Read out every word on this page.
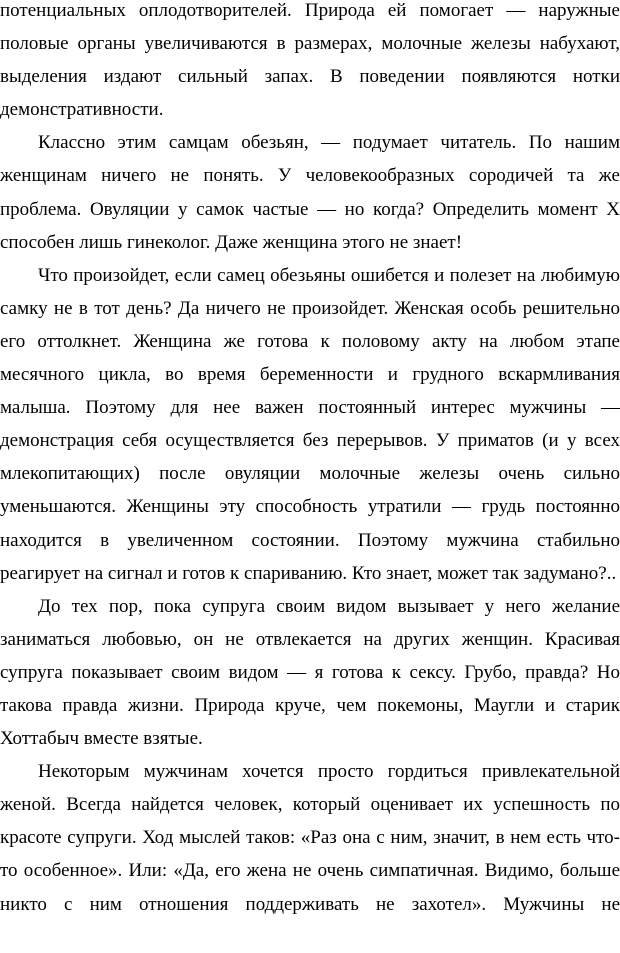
потенциальных оплодотворителей. Природа ей помогает — наружные половые органы увеличиваются в размерах, молочные железы набухают, выделения издают сильный запах. В поведении появляются нотки демонстративности.

Классно этим самцам обезьян, — подумает читатель. По нашим женщинам ничего не понять. У человекообразных сородичей та же проблема. Овуляции у самок частые — но когда? Определить момент X способен лишь гинеколог. Даже женщина этого не знает!

Что произойдет, если самец обезьяны ошибется и полезет на любимую самку не в тот день? Да ничего не произойдет. Женская особь решительно его оттолкнет. Женщина же готова к половому акту на любом этапе месячного цикла, во время беременности и грудного вскармливания малыша. Поэтому для нее важен постоянный интерес мужчины — демонстрация себя осуществляется без перерывов. У приматов (и у всех млекопитающих) после овуляции молочные железы очень сильно уменьшаются. Женщины эту способность утратили — грудь постоянно находится в увеличенном состоянии. Поэтому мужчина стабильно реагирует на сигнал и готов к спариванию. Кто знает, может так задумано?..

До тех пор, пока супруга своим видом вызывает у него желание заниматься любовью, он не отвлекается на других женщин. Красивая супруга показывает своим видом — я готова к сексу. Грубо, правда? Но такова правда жизни. Природа круче, чем покемоны, Маугли и старик Хоттабыч вместе взятые.

Некоторым мужчинам хочется просто гордиться привлекательной женой. Всегда найдется человек, который оценивает их успешность по красоте супруги. Ход мыслей таков: «Раз она с ним, значит, в нем есть что-то особенное». Или: «Да, его жена не очень симпатичная. Видимо, больше никто с ним отношения поддерживать не захотел». Мужчины не
